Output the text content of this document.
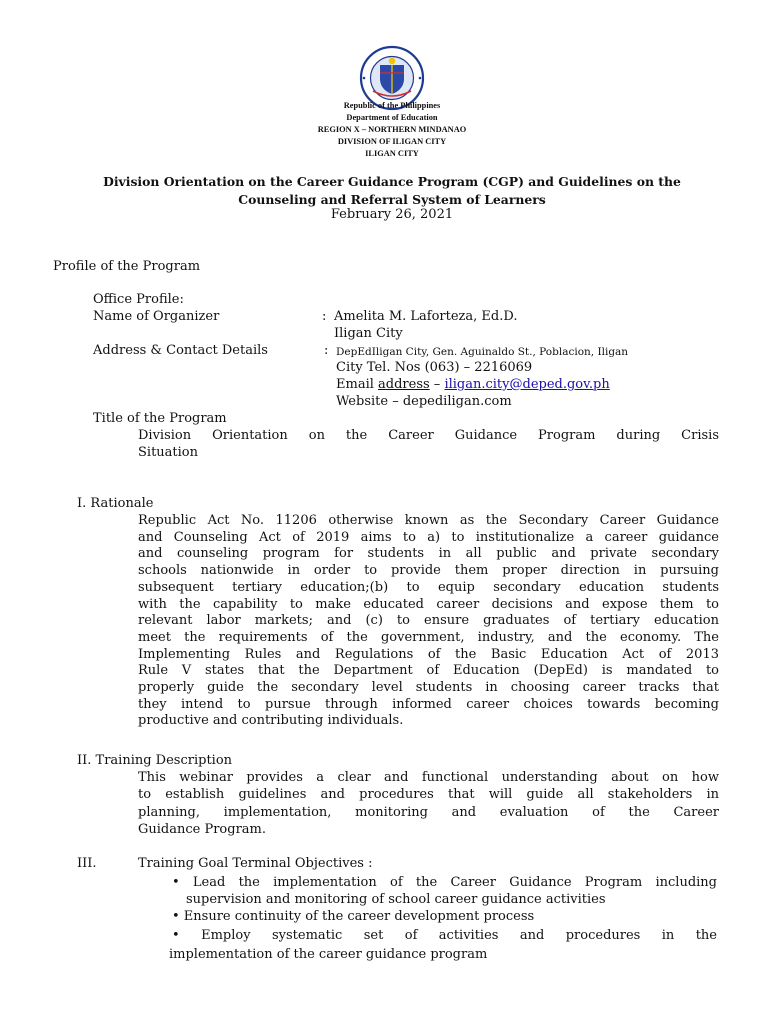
Republic of the Philippines
Department of Education
REGION X – NORTHERN MINDANAO
DIVISION OF ILIGAN CITY
ILIGAN CITY
Division Orientation on the Career Guidance Program (CGP) and Guidelines on the
Counseling and Referral System of Learners
February 26, 2021
Profile of the Program
Office Profile:
Name of Organizer	: Amelita M. Laforteza, Ed.D.
Iligan City
Address & Contact Details	: DepEdIligan City, Gen. Aguinaldo St., Poblacion, Iligan
City Tel. Nos (063) – 2216069
Email address – iligan.city@deped.gov.ph
Website – depediligan.com
Title of the Program
Division Orientation on the Career Guidance Program during Crisis
Situation
I. Rationale
Republic Act No. 11206 otherwise known as the Secondary Career Guidance
and Counseling Act of 2019 aims to a) to institutionalize a career guidance
and counseling program for students in all public and private secondary
schools nationwide in order to provide them proper direction in pursuing
subsequent tertiary education;(b) to equip secondary education students
with the capability to make educated career decisions and expose them to
relevant labor markets; and (c) to ensure graduates of tertiary education
meet the requirements of the government, industry, and the economy. The
Implementing Rules and Regulations of the Basic Education Act of 2013
Rule V states that the Department of Education (DepEd) is mandated to
properly guide the secondary level students in choosing career tracks that
they intend to pursue through informed career choices towards becoming
productive and contributing individuals.
II. Training Description
This webinar provides a clear and functional understanding about on how
to establish guidelines and procedures that will guide all stakeholders in
planning, implementation, monitoring and evaluation of the Career
Guidance Program.
III.	Training Goal Terminal Objectives :
• Lead the implementation of the Career Guidance Program including
supervision and monitoring of school career guidance activities
• Ensure continuity of the career development process
• Employ systematic set of activities and procedures in the
implementation of the career guidance program
